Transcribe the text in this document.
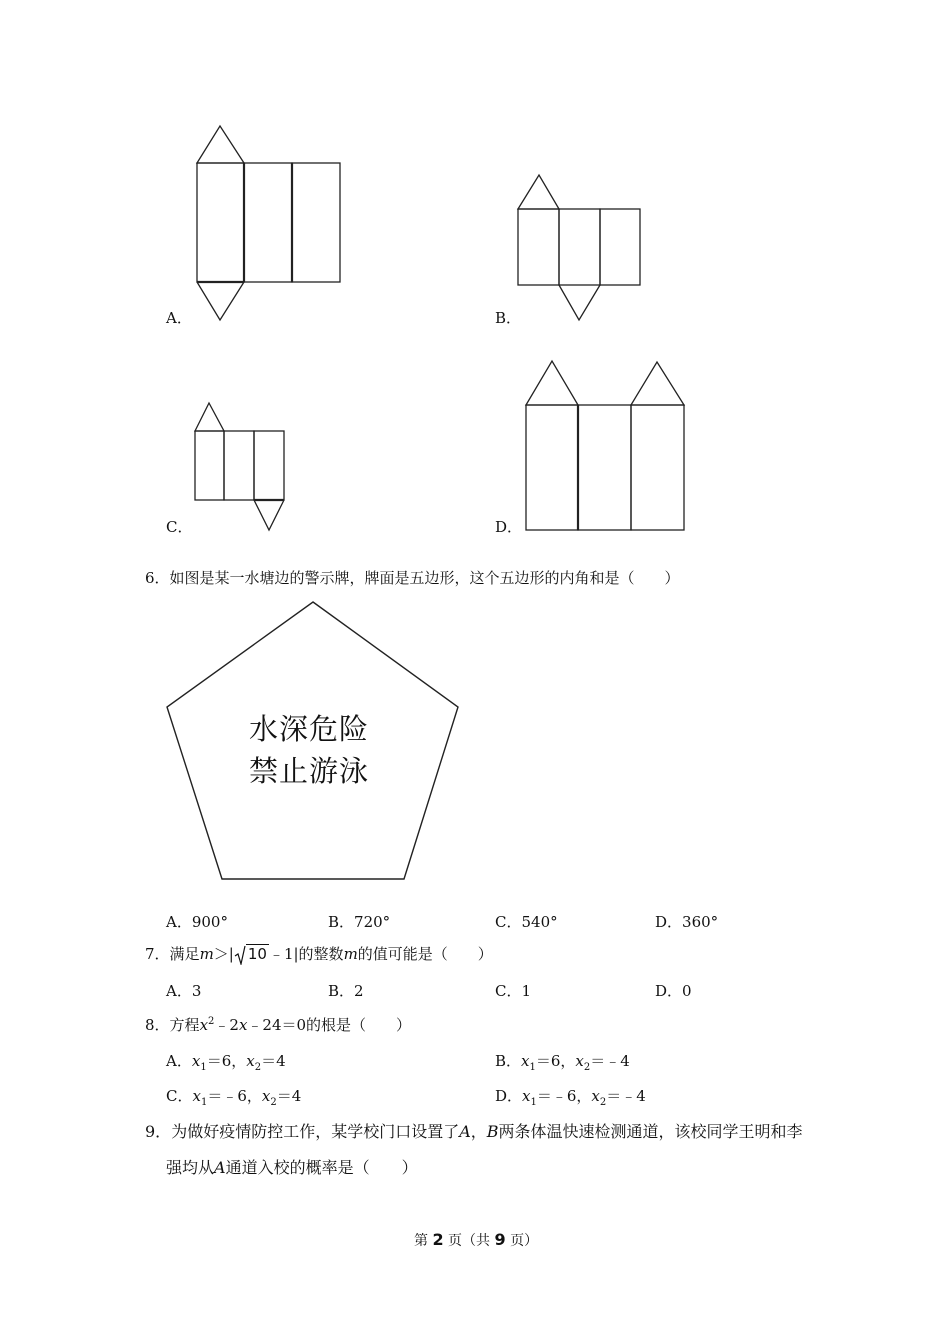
A．	B．
C．	D．
6．如图是某一水塘边的警示牌，牌面是五边形，这个五边形的内角和是（　　）
水深危险
禁止游泳
A．900°	B．720°	C．540°	D．360°
7．满足m＞| 10 ﹣1|的整数m的值可能是（　　）
A．3	B．2	C．1	D．0
8．方程$x^2﹣2x﹣24=0$的根是（　　）
A．$x_1=6$，$x_2=4$	B．$x_1=6$，$x_2=﹣4$
C．$x_1=﹣6$，$x_2=4$	D．$x_1=﹣6$，$x_2=﹣4$
9．为做好疫情防控工作，某学校门口设置了A，B两条体温快速检测通道，该校同学王明和李
强均从A通道入校的概率是（　　）
第 2 页（共 9 页）
